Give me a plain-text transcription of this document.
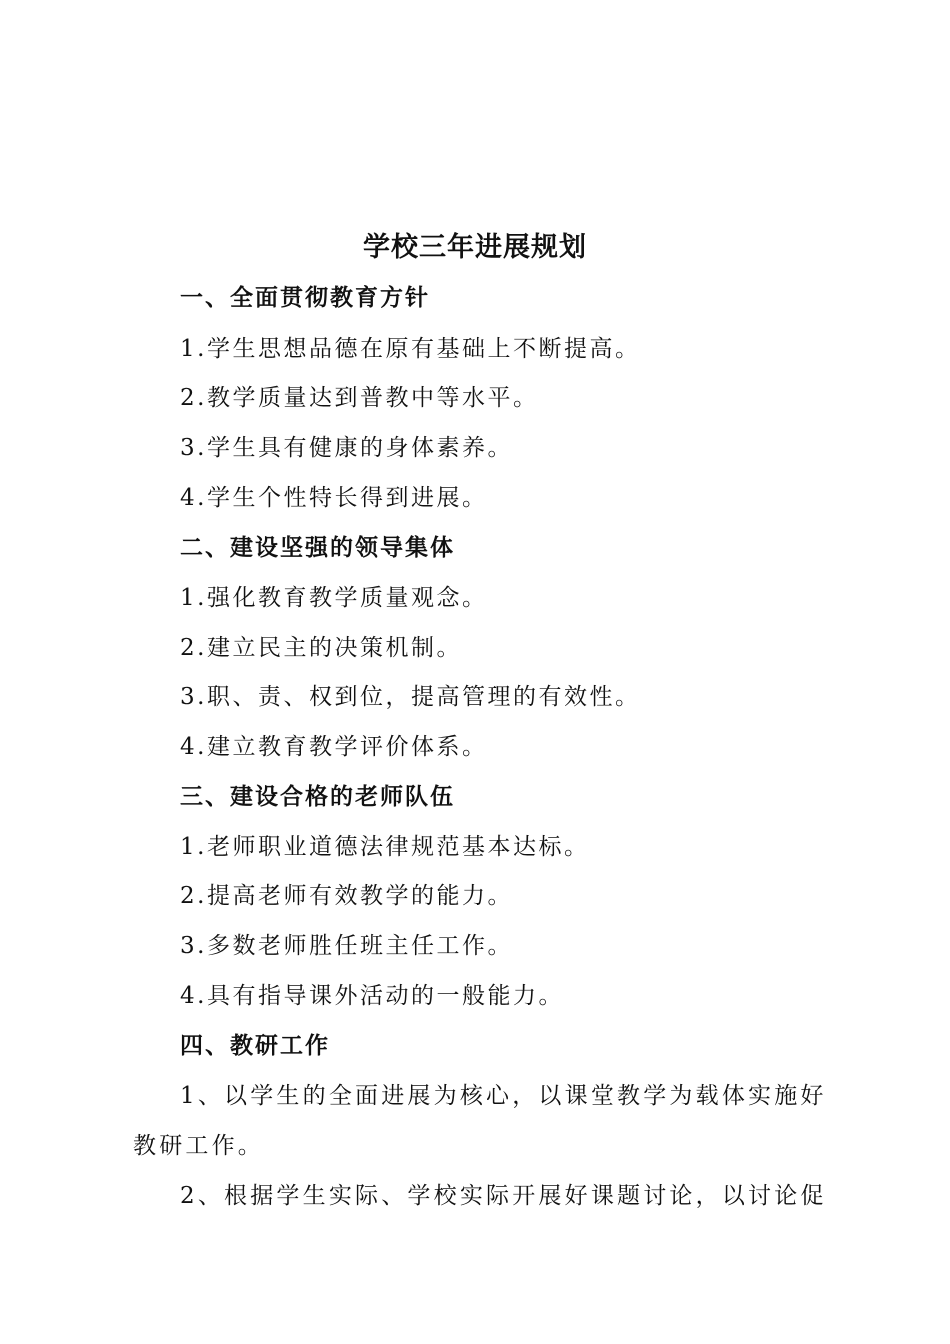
学校三年进展规划
一、全面贯彻教育方针
1.学生思想品德在原有基础上不断提高。
2.教学质量达到普教中等水平。
3.学生具有健康的身体素养。
4.学生个性特长得到进展。
二、建设坚强的领导集体
1.强化教育教学质量观念。
2.建立民主的决策机制。
3.职、责、权到位，提高管理的有效性。
4.建立教育教学评价体系。
三、建设合格的老师队伍
1.老师职业道德法律规范基本达标。
2.提高老师有效教学的能力。
3.多数老师胜任班主任工作。
4.具有指导课外活动的一般能力。
四、教研工作
1、以学生的全面进展为核心，以课堂教学为载体实施好教研工作。
2、根据学生实际、学校实际开展好课题讨论，以讨论促
